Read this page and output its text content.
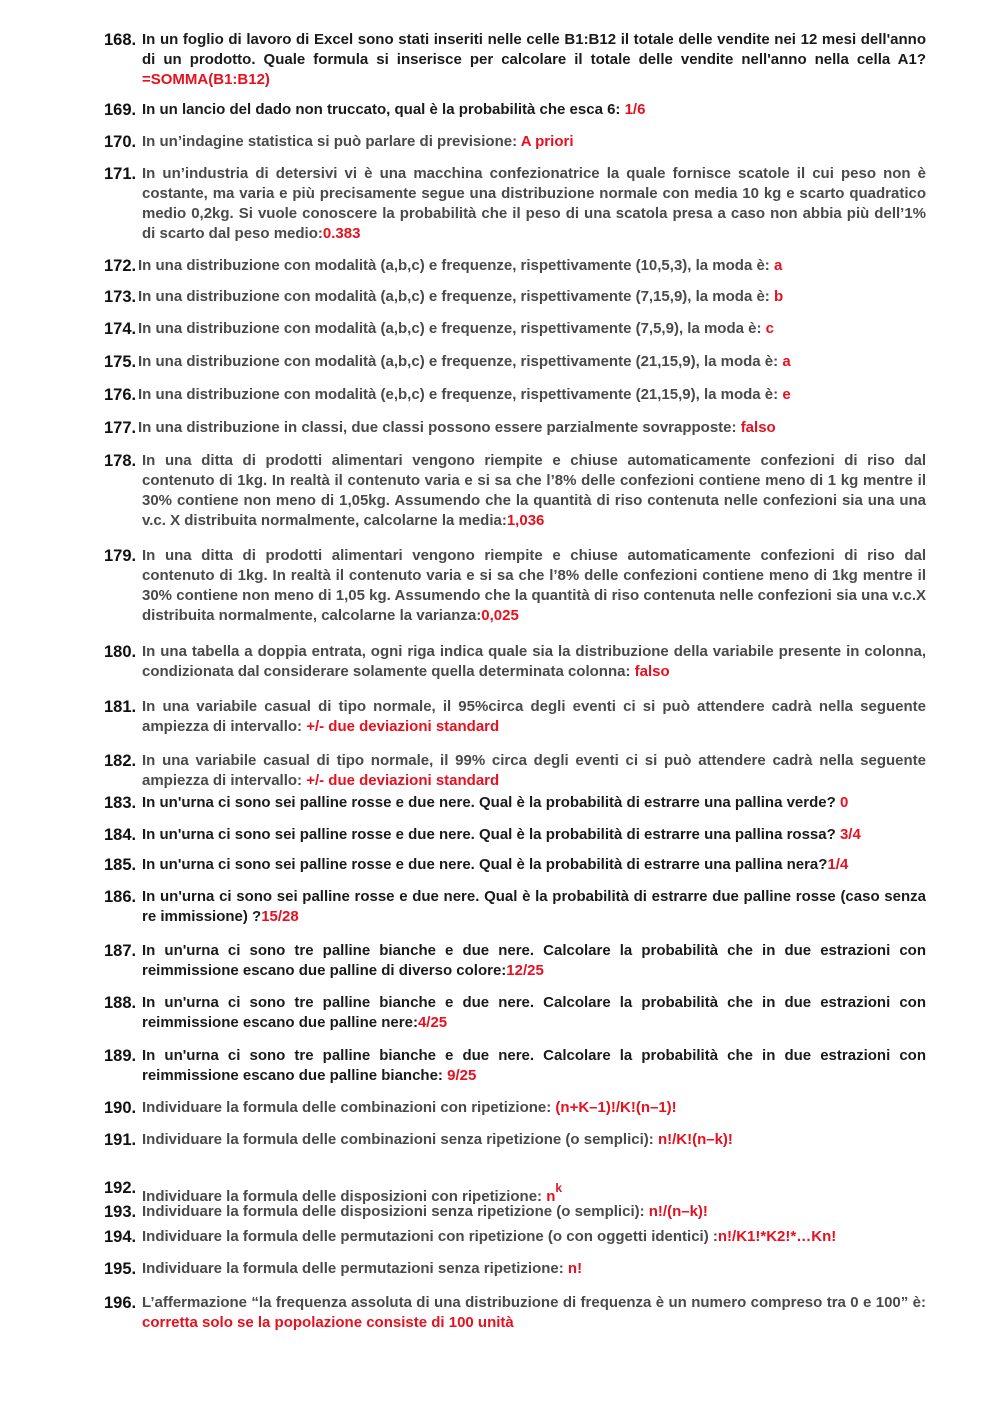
168. In un foglio di lavoro di Excel sono stati inseriti nelle celle B1:B12 il totale delle vendite nei 12 mesi dell'anno di un prodotto. Quale formula si inserisce per calcolare il totale delle vendite nell'anno nella cella A1?=SOMMA(B1:B12)
169. In un lancio del dado non truccato, qual è la probabilità che esca 6: 1/6
170. In un’indagine statistica si può parlare di previsione: A priori
171. In un’industria di detersivi vi è una macchina confezionatrice la quale fornisce scatole il cui peso non è costante, ma varia e più precisamente segue una distribuzione normale con media 10 kg e scarto quadratico medio 0,2kg. Si vuole conoscere la probabilità che il peso di una scatola presa a caso non abbia più dell’1% di scarto dal peso medio:0.383
172. In una distribuzione con modalità (a,b,c) e frequenze, rispettivamente (10,5,3), la moda è: a
173. In una distribuzione con modalità (a,b,c) e frequenze, rispettivamente (7,15,9), la moda è: b
174. In una distribuzione con modalità (a,b,c) e frequenze, rispettivamente (7,5,9), la moda è: c
175. In una distribuzione con modalità (a,b,c) e frequenze, rispettivamente (21,15,9), la moda è: a
176. In una distribuzione con modalità (e,b,c) e frequenze, rispettivamente (21,15,9), la moda è: e
177. In una distribuzione in classi, due classi possono essere parzialmente sovrapposte: falso
178. In una ditta di prodotti alimentari vengono riempite e chiuse automaticamente confezioni di riso dal contenuto di 1kg. In realtà il contenuto varia e si sa che l’8% delle confezioni contiene meno di 1 kg mentre il 30% contiene non meno di 1,05kg. Assumendo che la quantità di riso contenuta nelle confezioni sia una una v.c. X distribuita normalmente, calcolarne la media:1,036
179. In una ditta di prodotti alimentari vengono riempite e chiuse automaticamente confezioni di riso dal contenuto di 1kg. In realtà il contenuto varia e si sa che l’8% delle confezioni contiene meno di 1kg mentre il 30% contiene non meno di 1,05 kg. Assumendo che la quantità di riso contenuta nelle confezioni sia una v.c.X distribuita normalmente, calcolarne la varianza:0,025
180. In una tabella a doppia entrata, ogni riga indica quale sia la distribuzione della variabile presente in colonna, condizionata dal considerare solamente quella determinata colonna: falso
181. In una variabile casual di tipo normale, il 95%circa degli eventi ci si può attendere cadrà nella seguente ampiezza di intervallo: +/- due deviazioni standard
182. In una variabile casual di tipo normale, il 99% circa degli eventi ci si può attendere cadrà nella seguente ampiezza di intervallo: +/- due deviazioni standard
183. In un'urna ci sono sei palline rosse e due nere. Qual è la probabilità di estrarre una pallina verde? 0
184. In un'urna ci sono sei palline rosse e due nere. Qual è la probabilità di estrarre una pallina rossa? 3/4
185. In un'urna ci sono sei palline rosse e due nere. Qual è la probabilità di estrarre una pallina nera?1/4
186. In un'urna ci sono sei palline rosse e due nere. Qual è la probabilità di estrarre due palline rosse (caso senza re immissione) ?15/28
187. In un'urna ci sono tre palline bianche e due nere. Calcolare la probabilità che in due estrazioni con reimmissione escano due palline di diverso colore:12/25
188. In un'urna ci sono tre palline bianche e due nere. Calcolare la probabilità che in due estrazioni con reimmissione escano due palline nere:4/25
189. In un'urna ci sono tre palline bianche e due nere. Calcolare la probabilità che in due estrazioni con reimmissione escano due palline bianche: 9/25
190. Individuare la formula delle combinazioni con ripetizione: (n+K–1)!/K!(n–1)!
191. Individuare la formula delle combinazioni senza ripetizione (o semplici): n!/K!(n–k)!
192. Individuare la formula delle disposizioni con ripetizione: $n^k$
193. Individuare la formula delle disposizioni senza ripetizione (o semplici): n!/(n–k)!
194. Individuare la formula delle permutazioni con ripetizione (o con oggetti identici) :n!/K1!*K2!*…Kn!
195. Individuare la formula delle permutazioni senza ripetizione: n!
196. L’affermazione “la frequenza assoluta di una distribuzione di frequenza è un numero compreso tra 0 e 100” è: corretta solo se la popolazione consiste di 100 unità
